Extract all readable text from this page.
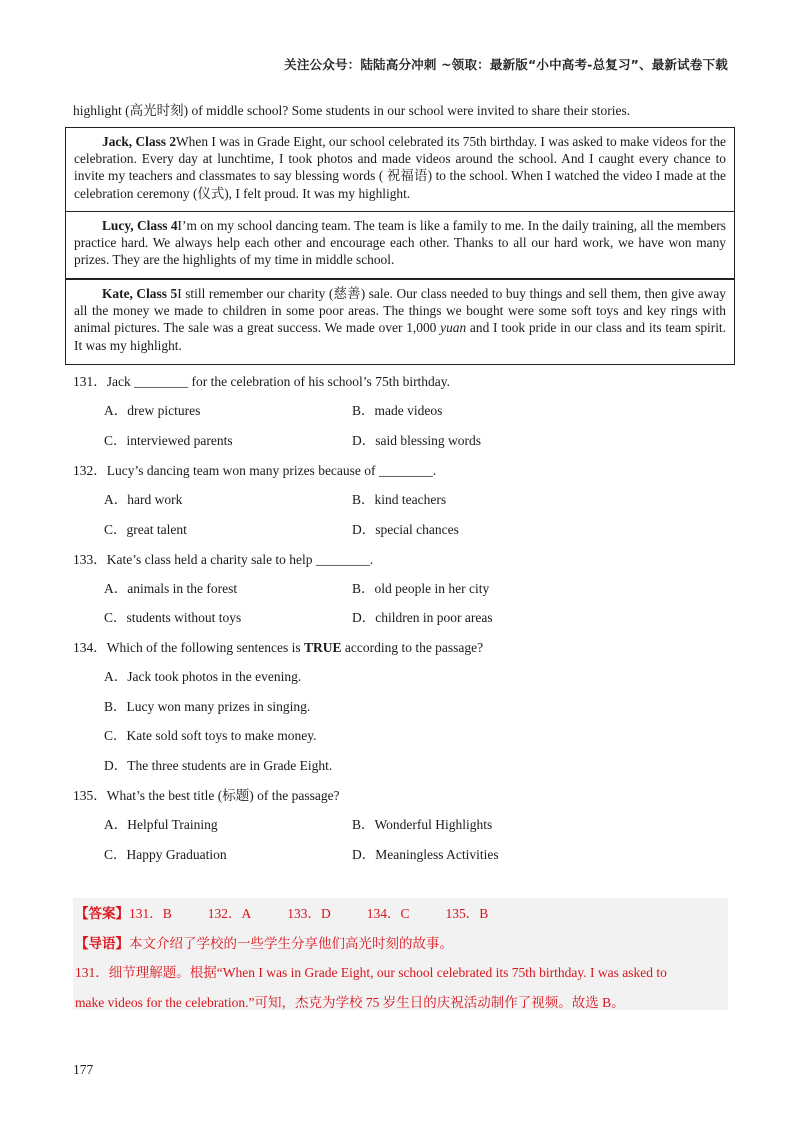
关注公众号：陆陆高分冲刺 ~领取：最新版“小中高考-总复习”、最新试卷下载
highlight (高光时刻) of middle school? Some students in our school were invited to share their stories.

Jack, Class 2When I was in Grade Eight, our school celebrated its 75th birthday. I was asked to make videos for the celebration. Every day at lunchtime, I took photos and made videos around the school. And I caught every chance to invite my teachers and classmates to say blessing words ( 祝福语) to the school. When I watched the video I made at the celebration ceremony (仪式), I felt proud. It was my highlight.

Lucy, Class 4I’m on my school dancing team. The team is like a family to me. In the daily training, all the members practice hard. We always help each other and encourage each other. Thanks to all our hard work, we have won many prizes. They are the highlights of my time in middle school.

Kate, Class 5I still remember our charity (慈善) sale. Our class needed to buy things and sell them, then give away all the money we made to children in some poor areas. The things we bought were some soft toys and key rings with animal pictures. The sale was a great success. We made over 1,000 yuan and I took pride in our class and its team spirit. It was my highlight.

131．Jack ________ for the celebration of his school’s 75th birthday.
A．drew pictures	B．made videos
C．interviewed parents	D．said blessing words
132．Lucy’s dancing team won many prizes because of ________.
A．hard work	B．kind teachers
C．great talent	D．special chances
133．Kate’s class held a charity sale to help ________.
A．animals in the forest	B．old people in her city
C．students without toys	D．children in poor areas
134．Which of the following sentences is TRUE according to the passage?
A．Jack took photos in the evening.
B．Lucy won many prizes in singing.
C．Kate sold soft toys to make money.
D．The three students are in Grade Eight.
135．What’s the best title (标题) of the passage?
A．Helpful Training	B．Wonderful Highlights
C．Happy Graduation	D．Meaningless Activities
【答案】131．B	132．A	133．D	134．C	135．B
【导语】本文介绍了学校的一些学生分享他们高光时刻的故事。
131．细节理解题。根据“When I was in Grade Eight, our school celebrated its 75th birthday. I was asked to
make videos for the celebration.”可知，杰克为学校 75 岁生日的庆祝活动制作了视频。故选 B。
177
